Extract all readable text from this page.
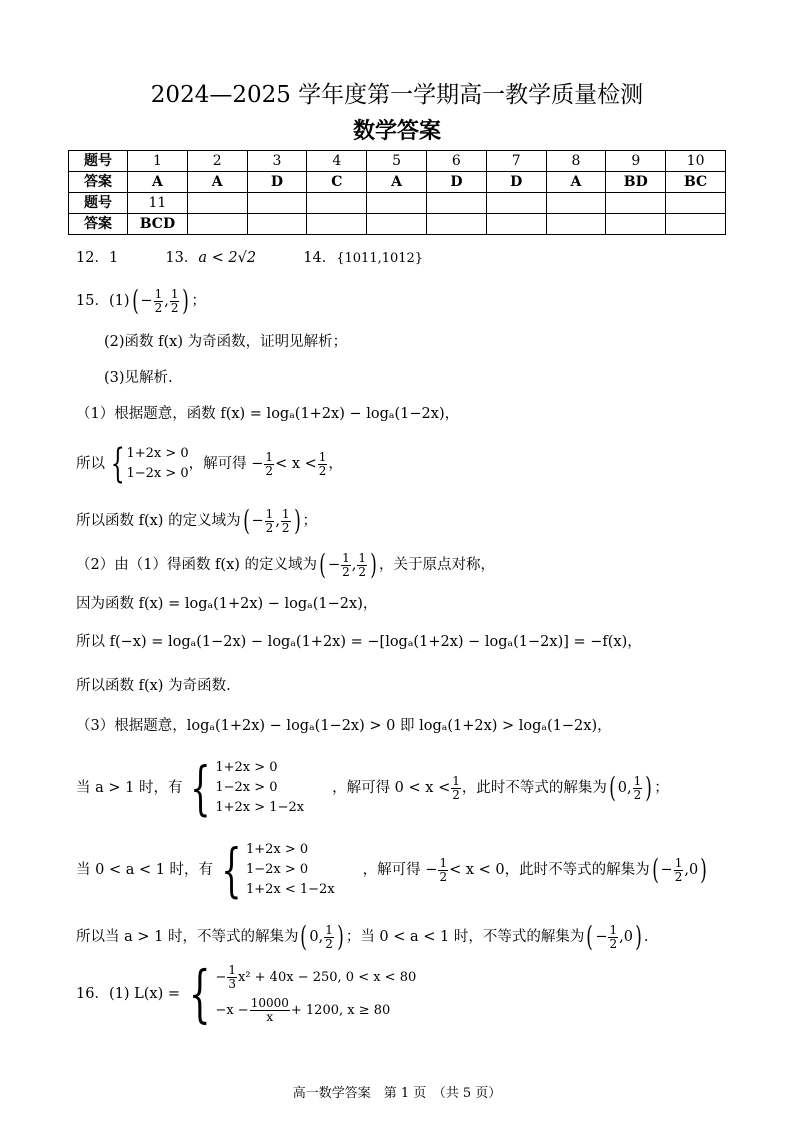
2024—2025 学年度第一学期高一教学质量检测
数学答案
题号	1	2	3	4	5	6	7	8	9	10
答案	A	A	D	C	A	D	D	A	BD	BC
题号	11									
答案	BCD									
12．1	13．a < 2√2	14．{1011,1012}
15．$(1)( - \frac{1}{2}$ , $\frac{1}{2}$ ) ；
(2)函数 f(x) 为奇函数，证明见解析；
(3)见解析.
（1）根据题意，函数 f(x) = logₐ(1+2x) − logₐ(1−2x)，
所以 { 1+2x > 0
1−2x > 0
，解可得 − $\frac{1}{2} < x < \frac{1}{2}$ ，
所以函数 f(x) 的定义域为( − $\frac{1}{2}$ , $\frac{1}{2}$ ) ；
（2）由（1）得函数 f(x) 的定义域为( − $\frac{1}{2}$ , $\frac{1}{2}$ ) ，关于原点对称，
因为函数 f(x) = logₐ(1+2x) − logₐ(1−2x)，
所以 f(−x) = logₐ(1−2x) − logₐ(1+2x) = −[logₐ(1+2x) − logₐ(1−2x)] = −f(x)，
所以函数 f(x) 为奇函数.
（3）根据题意，logₐ(1+2x) − logₐ(1−2x) > 0 即 logₐ(1+2x) > logₐ(1−2x)，
当 a > 1 时，有 { 1+2x > 0
1−2x > 0
1+2x > 1−2x
，解可得 $0 < x < \frac{1}{2}$ ，此时不等式的解集为( 0, $\frac{1}{2}$ ) ；
当 0 < a < 1 时，有 { 1+2x > 0
1−2x > 0
1+2x < 1−2x
，解可得 − $\frac{1}{2} < x < 0$，此时不等式的解集为( − $\frac{1}{2} ,0$)
所以当 a > 1 时，不等式的解集为( 0, $\frac{1}{2}$ ) ；当 0 < a < 1 时，不等式的解集为( − $\frac{1}{2} ,0$) .
16．(1) L(x) = { − $\frac{1}{3} x^2 + 40x - 250$, 0 < x < 80
$-x - \frac{10000}{x} + 1200$, x ≥ 80
高一数学答案　第 1 页　（共 5 页）
